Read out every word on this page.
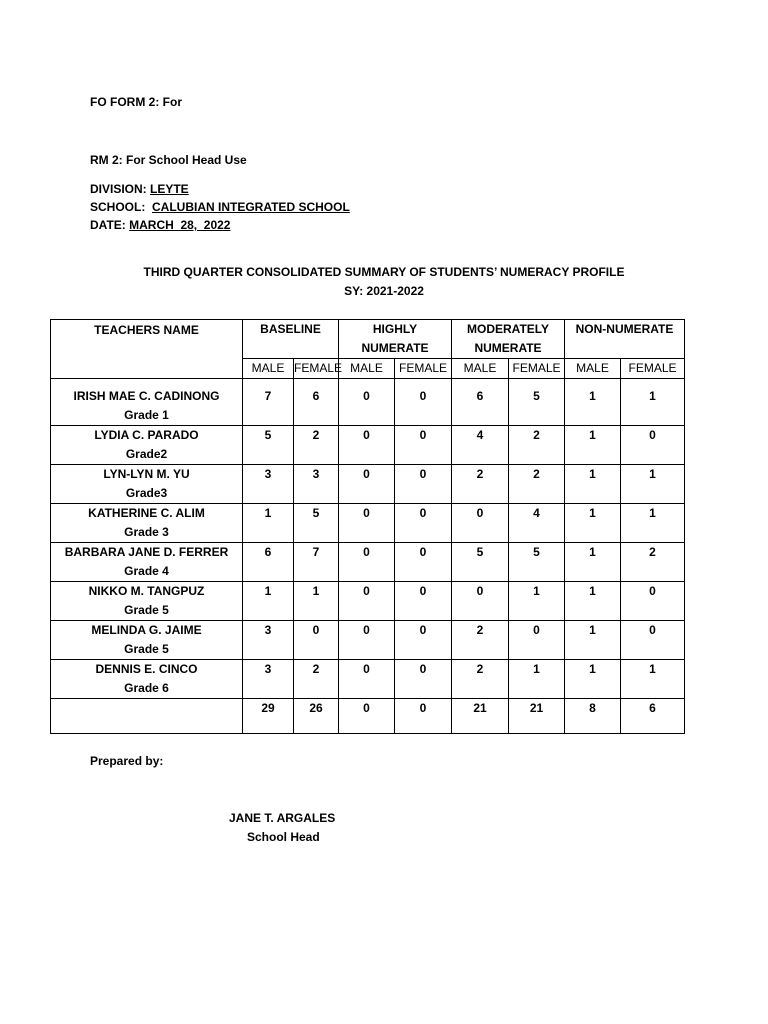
FO FORM 2: For
RM 2: For School Head Use
DIVISION: LEYTE
SCHOOL:  CALUBIAN INTEGRATED SCHOOL
DATE: MARCH  28,  2022
THIRD QUARTER CONSOLIDATED SUMMARY OF STUDENTS’ NUMERACY PROFILE
SY: 2021-2022
TEACHERS NAME	BASELINE		HIGHLY NUMERATE		MODERATELY NUMERATE		NON-NUMERATE	
	MALE	FEMALE	MALE	FEMALE	MALE	FEMALE	MALE	FEMALE

IRISH MAE C. CADINONG
Grade 1	7	6	0	0	6	5	1	1

LYDIA C. PARADO
Grade2	5	2	0	0	4	2	1	0

LYN-LYN M. YU
Grade3	3	3	0	0	2	2	1	1

KATHERINE C. ALIM
Grade 3	1	5	0	0	0	4	1	1

BARBARA JANE D. FERRER
Grade 4	6	7	0	0	5	5	1	2

NIKKO M. TANGPUZ
Grade 5	1	1	0	0	0	1	1	0

MELINDA G. JAIME
Grade 5	3	0	0	0	2	0	1	0

DENNIS E. CINCO
Grade 6	3	2	0	0	2	1	1	1
	29	26	0	0	21	21	8	6
Prepared by:
JANE T. ARGALES
School Head
